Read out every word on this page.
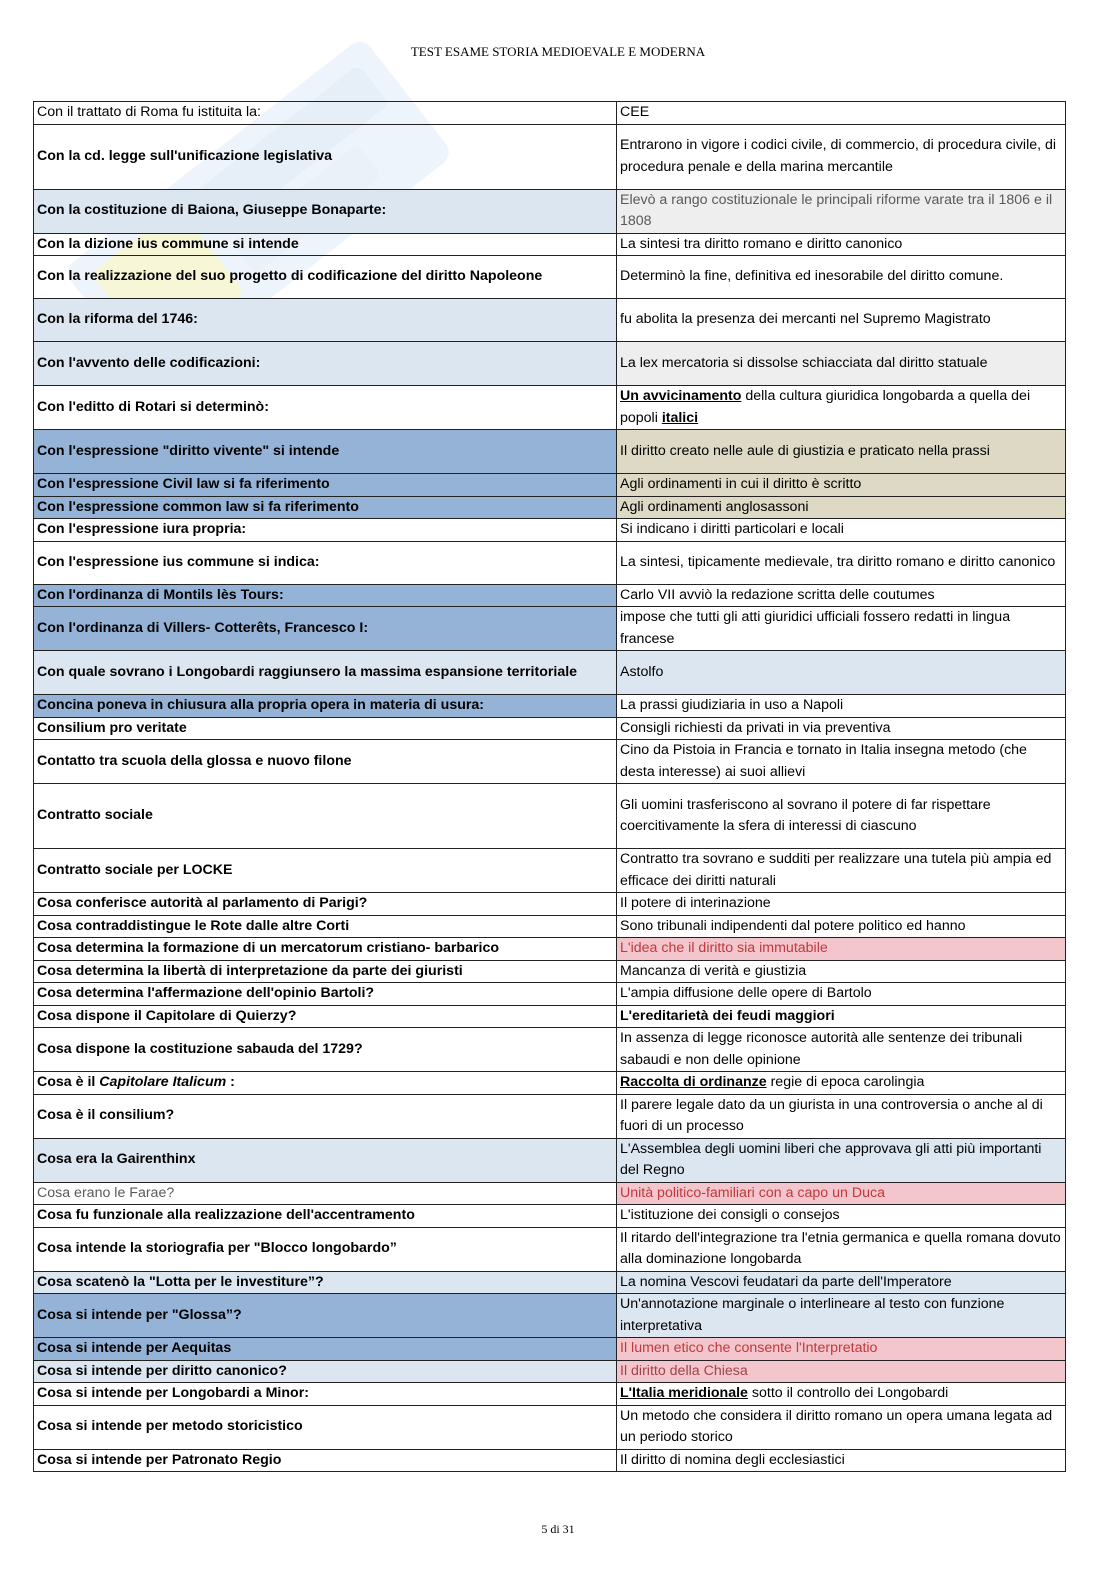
TEST ESAME STORIA MEDIOEVALE E MODERNA
Con il trattato di Roma fu istituita la:	CEE
Con la cd. legge sull'unificazione legislativa	Entrarono in vigore i codici civile, di commercio, di procedura civile, di procedura penale e della marina mercantile
Con la costituzione di Baiona, Giuseppe Bonaparte:	Elevò a rango costituzionale le principali riforme varate tra il 1806 e il 1808
Con la dizione ius commune si intende	La sintesi tra diritto romano e diritto canonico
Con la realizzazione del suo progetto di codificazione del diritto Napoleone	Determinò la fine, definitiva ed inesorabile del diritto comune.
Con la riforma del 1746:	fu abolita la presenza dei mercanti nel Supremo Magistrato
Con l'avvento delle codificazioni:	La lex mercatoria si dissolse schiacciata dal diritto statuale
Con l'editto di Rotari si determinò:	Un avvicinamento della cultura giuridica longobarda a quella dei popoli italici
Con l'espressione "diritto vivente" si intende	Il diritto creato nelle aule di giustizia e praticato nella prassi
Con l'espressione Civil law si fa riferimento	Agli ordinamenti in cui il diritto è scritto
Con l'espressione common law si fa riferimento	Agli ordinamenti anglosassoni
Con l'espressione iura propria:	Si indicano i diritti particolari e locali
Con l'espressione ius commune si indica:	La sintesi, tipicamente medievale, tra diritto romano e diritto canonico
Con l'ordinanza di Montils lès Tours:	Carlo VII avviò la redazione scritta delle coutumes
Con l'ordinanza di Villers- Cotterêts, Francesco I:	impose che tutti gli atti giuridici ufficiali fossero redatti in lingua francese
Con quale sovrano i Longobardi raggiunsero la massima espansione territoriale	Astolfo
Concina poneva in chiusura alla propria opera in materia di usura:	La prassi giudiziaria in uso a Napoli
Consilium pro veritate	Consigli richiesti da privati in via preventiva
Contatto tra scuola della glossa e nuovo filone	Cino da Pistoia in Francia e tornato in Italia insegna metodo (che desta interesse) ai suoi allievi
Contratto sociale	Gli uomini trasferiscono al sovrano il potere di far rispettare coercitivamente la sfera di interessi di ciascuno
Contratto sociale per LOCKE	Contratto tra sovrano e sudditi per realizzare una tutela più ampia ed efficace dei diritti naturali
Cosa conferisce autorità al parlamento di Parigi?	Il potere di interinazione
Cosa contraddistingue le Rote dalle altre Corti	Sono tribunali indipendenti dal potere politico ed hanno
Cosa determina la formazione di un mercatorum cristiano- barbarico	L'idea che il diritto sia immutabile
Cosa determina la libertà di interpretazione da parte dei giuristi	Mancanza di verità e giustizia
Cosa determina l'affermazione dell'opinio Bartoli?	L'ampia diffusione delle opere di Bartolo
Cosa dispone il Capitolare di Quierzy?	L'ereditarietà dei feudi maggiori
Cosa dispone la costituzione sabauda del 1729?	In assenza di legge riconosce autorità alle sentenze dei tribunali sabaudi e non delle opinione
Cosa è il Capitolare Italicum :	Raccolta di ordinanze regie di epoca carolingia
Cosa è il consilium?	Il parere legale dato da un giurista in una controversia o anche al di fuori di un processo
Cosa era la Gairenthinx	L'Assemblea degli uomini liberi che approvava gli atti più importanti del Regno
Cosa erano le Farae?	Unità politico-familiari con a capo un Duca
Cosa fu funzionale alla realizzazione dell'accentramento	L'istituzione dei consigli o consejos
Cosa intende la storiografia per "Blocco longobardo”	Il ritardo dell'integrazione tra l'etnia germanica e quella romana dovuto alla dominazione longobarda
Cosa scatenò la "Lotta per le investiture”?	La nomina Vescovi feudatari da parte dell'Imperatore
Cosa si intende per "Glossa”?	Un'annotazione marginale o interlineare al testo con funzione interpretativa
Cosa si intende per Aequitas	Il lumen etico che consente l'Interpretatio
Cosa si intende per diritto canonico?	Il diritto della Chiesa
Cosa si intende per Longobardi a Minor:	L'Italia meridionale sotto il controllo dei Longobardi
Cosa si intende per metodo storicistico	Un metodo che considera il diritto romano un opera umana legata ad un periodo storico
Cosa si intende per Patronato Regio	Il diritto di nomina degli ecclesiastici
5 di 31
